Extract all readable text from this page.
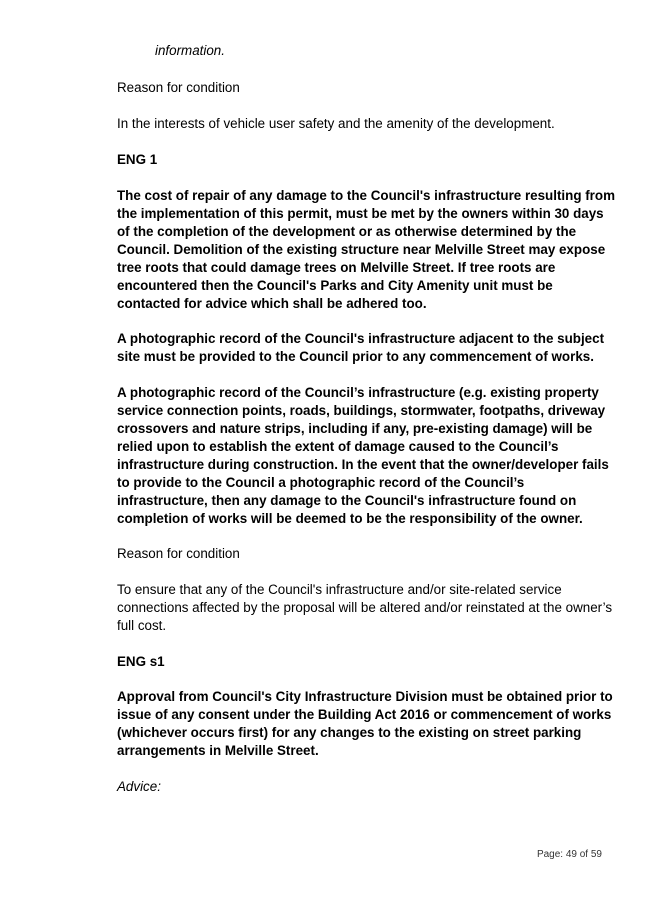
information.

Reason for condition

In the interests of vehicle user safety and the amenity of the development.

ENG 1

The cost of repair of any damage to the Council's infrastructure resulting from the implementation of this permit, must be met by the owners within 30 days of the completion of the development or as otherwise determined by the Council. Demolition of the existing structure near Melville Street may expose tree roots that could damage trees on Melville Street. If tree roots are encountered then the Council's Parks and City Amenity unit must be contacted for advice which shall be adhered too.

A photographic record of the Council's infrastructure adjacent to the subject site must be provided to the Council prior to any commencement of works.

A photographic record of the Council’s infrastructure (e.g. existing property service connection points, roads, buildings, stormwater, footpaths, driveway crossovers and nature strips, including if any, pre-existing damage) will be relied upon to establish the extent of damage caused to the Council’s infrastructure during construction. In the event that the owner/developer fails to provide to the Council a photographic record of the Council’s infrastructure, then any damage to the Council's infrastructure found on completion of works will be deemed to be the responsibility of the owner.

Reason for condition

To ensure that any of the Council's infrastructure and/or site-related service connections affected by the proposal will be altered and/or reinstated at the owner’s full cost.

ENG s1

Approval from Council's City Infrastructure Division must be obtained prior to issue of any consent under the Building Act 2016 or commencement of works (whichever occurs first) for any changes to the existing on street parking arrangements in Melville Street.

Advice:

Page: 49 of 59
